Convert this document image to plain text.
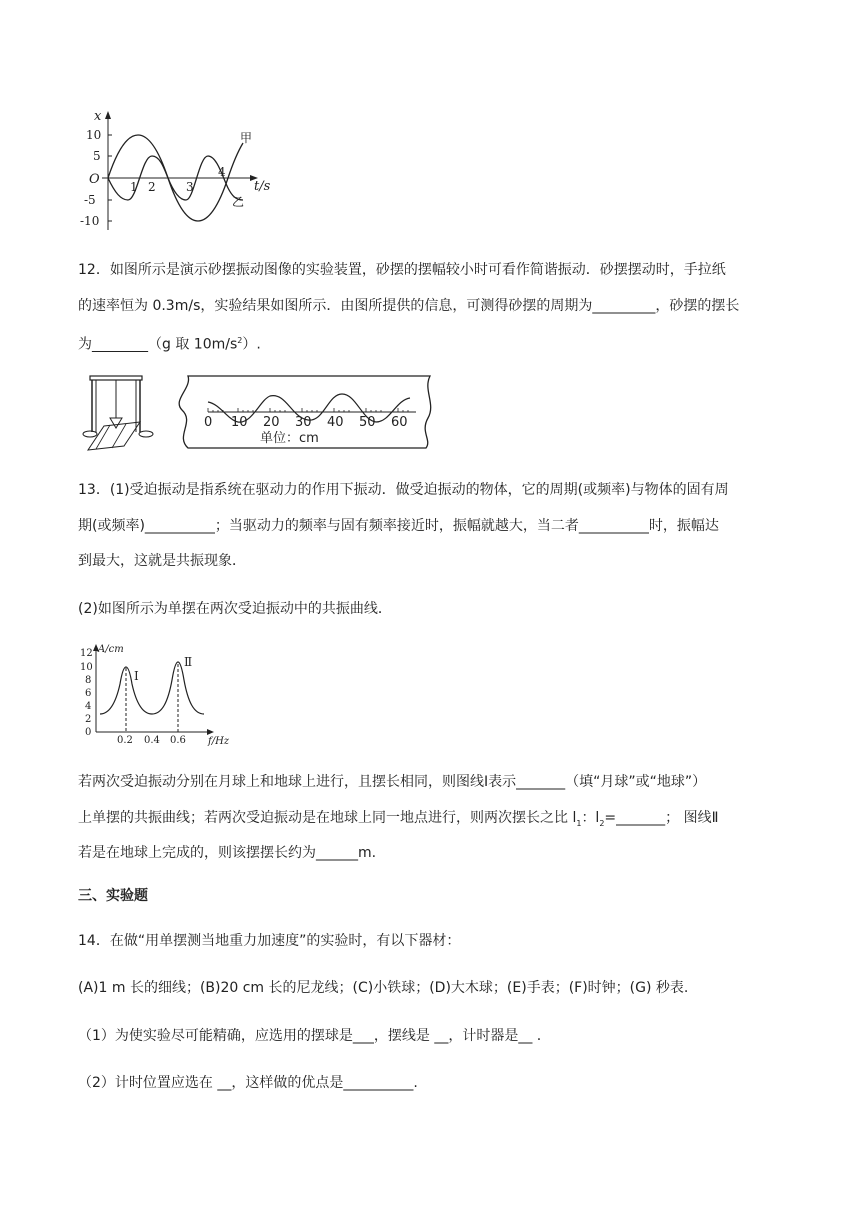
x
10
5
O
-5
-10
1 2	3
4
t/s
甲
乙
12．如图所示是演示砂摆振动图像的实验装置，砂摆的摆幅较小时可看作简谐振动．砂摆摆动时，手拉纸
的速率恒为 0.3m/s，实验结果如图所示．由图所提供的信息，可测得砂摆的周期为_________，砂摆的摆长
为________（g 取 $10m/s^2$）.
0 10 20 30 40 50 60
单位：cm
13．(1)受迫振动是指系统在驱动力的作用下振动．做受迫振动的物体，它的周期(或频率)与物体的固有周
期(或频率)__________；当驱动力的频率与固有频率接近时，振幅就越大，当二者__________时，振幅达
到最大，这就是共振现象．
(2)如图所示为单摆在两次受迫振动中的共振曲线．
A/cm
12
10
8
6
4
2
0
0.2 0.4 0.6 f/Hz
Ⅰ
Ⅱ
若两次受迫振动分别在月球上和地球上进行，且摆长相同，则图线Ⅰ表示_______（填“月球”或“地球”）
上单摆的共振曲线；若两次受迫振动是在地球上同一地点进行，则两次摆长之比 $l_1$：$l_2=\_\_\_\_\_\_\_$； 图线Ⅱ
若是在地球上完成的，则该摆摆长约为______m.
三、实验题
14．在做“用单摆测当地重力加速度”的实验时，有以下器材：
(A)1 m 长的细线；(B)20 cm 长的尼龙线；(C)小铁球；(D)大木球；(E)手表；(F)时钟；(G) 秒表.
（1）为使实验尽可能精确，应选用的摆球是___，摆线是 __，计时器是__ .
（2）计时位置应选在 __，这样做的优点是__________.
